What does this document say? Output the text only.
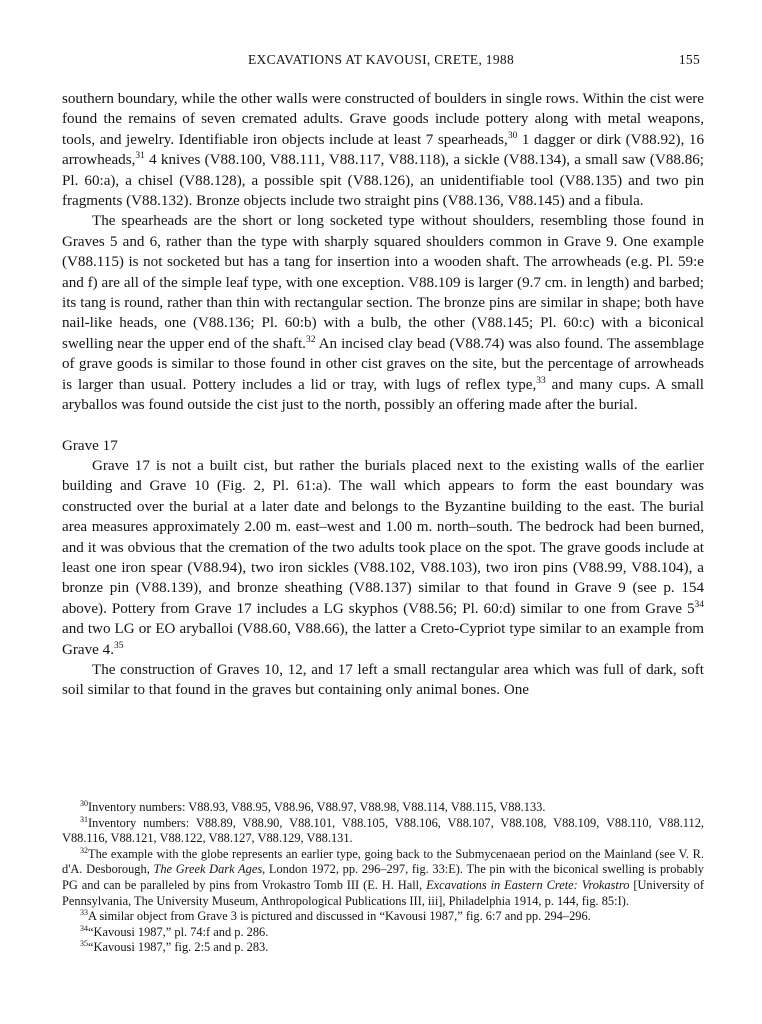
EXCAVATIONS AT KAVOUSI, CRETE, 1988	155

southern boundary, while the other walls were constructed of boulders in single rows. Within the cist were found the remains of seven cremated adults. Grave goods include pottery along with metal weapons, tools, and jewelry. Identifiable iron objects include at least 7 spearheads,$^{30}$ 1 dagger or dirk (V88.92), 16 arrowheads,$^{31}$ 4 knives (V88.100, V88.111, V88.117, V88.118), a sickle (V88.134), a small saw (V88.86; Pl. 60:a), a chisel (V88.128), a possible spit (V88.126), an unidentifiable tool (V88.135) and two pin fragments (V88.132). Bronze objects include two straight pins (V88.136, V88.145) and a fibula.

The spearheads are the short or long socketed type without shoulders, resembling those found in Graves 5 and 6, rather than the type with sharply squared shoulders common in Grave 9. One example (V88.115) is not socketed but has a tang for insertion into a wooden shaft. The arrowheads (e.g. Pl. 59:e and f) are all of the simple leaf type, with one exception. V88.109 is larger (9.7 cm. in length) and barbed; its tang is round, rather than thin with rectangular section. The bronze pins are similar in shape; both have nail-like heads, one (V88.136; Pl. 60:b) with a bulb, the other (V88.145; Pl. 60:c) with a biconical swelling near the upper end of the shaft.$^{32}$ An incised clay bead (V88.74) was also found. The assemblage of grave goods is similar to those found in other cist graves on the site, but the percentage of arrowheads is larger than usual. Pottery includes a lid or tray, with lugs of reflex type,$^{33}$ and many cups. A small aryballos was found outside the cist just to the north, possibly an offering made after the burial.

Grave 17

Grave 17 is not a built cist, but rather the burials placed next to the existing walls of the earlier building and Grave 10 (Fig. 2, Pl. 61:a). The wall which appears to form the east boundary was constructed over the burial at a later date and belongs to the Byzantine building to the east. The burial area measures approximately 2.00 m. east–west and 1.00 m. north–south. The bedrock had been burned, and it was obvious that the cremation of the two adults took place on the spot. The grave goods include at least one iron spear (V88.94), two iron sickles (V88.102, V88.103), two iron pins (V88.99, V88.104), a bronze pin (V88.139), and bronze sheathing (V88.137) similar to that found in Grave 9 (see p. 154 above). Pottery from Grave 17 includes a LG skyphos (V88.56; Pl. 60:d) similar to one from Grave $5^{34}$ and two LG or EO aryballoi (V88.60, V88.66), the latter a Creto-Cypriot type similar to an example from Grave 4.35

The construction of Graves 10, 12, and 17 left a small rectangular area which was full of dark, soft soil similar to that found in the graves but containing only animal bones. One

$^{30}$Inventory numbers: V88.93, V88.95, V88.96, V88.97, V88.98, V88.114, V88.115, V88.133.

$^{31}$Inventory numbers: V88.89, V88.90, V88.101, V88.105, V88.106, V88.107, V88.108, V88.109, V88.110, V88.112, V88.116, V88.121, V88.122, V88.127, V88.129, V88.131.

$^{32}$The example with the globe represents an earlier type, going back to the Submycenaean period on the Mainland (see V. R. d'A. Desborough, The Greek Dark Ages, London 1972, pp. 296–297, fig. 33:E). The pin with the biconical swelling is probably PG and can be paralleled by pins from Vrokastro Tomb III (E. H. Hall, Excavations in Eastern Crete: Vrokastro [University of Pennsylvania, The University Museum, Anthropological Publications III, iii], Philadelphia 1914, p. 144, fig. 85:I).

$^{33}$A similar object from Grave 3 is pictured and discussed in “Kavousi 1987,” fig. 6:7 and pp. 294–296.

$^{34}$“Kavousi 1987,” pl. 74:f and p. 286.

$^{35}$“Kavousi 1987,” fig. 2:5 and p. 283.
